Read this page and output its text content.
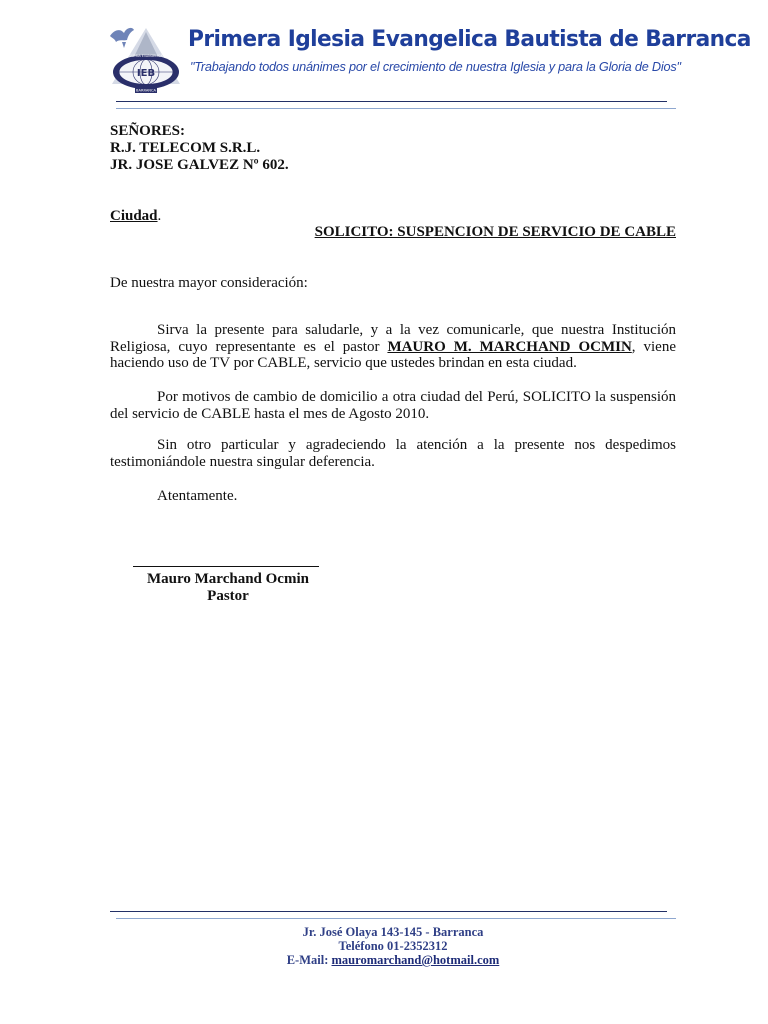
PRIMERA IGLESIA EVANGELICA BAUTISTA
IEB
BARRANCA
Primera Iglesia Evangelica Bautista de Barranca
"Trabajando todos unánimes por el crecimiento de nuestra Iglesia y para la Gloria de Dios"
SEÑORES:
R.J. TELECOM S.R.L.
JR. JOSE GALVEZ Nº 602.
Ciudad.
SOLICITO: SUSPENCION DE SERVICIO DE CABLE
De nuestra mayor consideración:

Sirva la presente para saludarle, y a la vez comunicarle, que nuestra Institución Religiosa, cuyo representante es el pastor MAURO M. MARCHAND OCMIN, viene haciendo uso de TV por CABLE, servicio que ustedes brindan en esta ciudad.

Por motivos de cambio de domicilio a otra ciudad del Perú, SOLICITO la suspensión del servicio de CABLE hasta el mes de Agosto 2010.

Sin otro particular y agradeciendo la atención a la presente nos despedimos testimoniándole nuestra singular deferencia.

Atentamente.
Mauro Marchand Ocmin
Pastor
Jr. José Olaya 143-145 - Barranca
Teléfono 01-2352312
E-Mail: mauromarchand@hotmail.com
